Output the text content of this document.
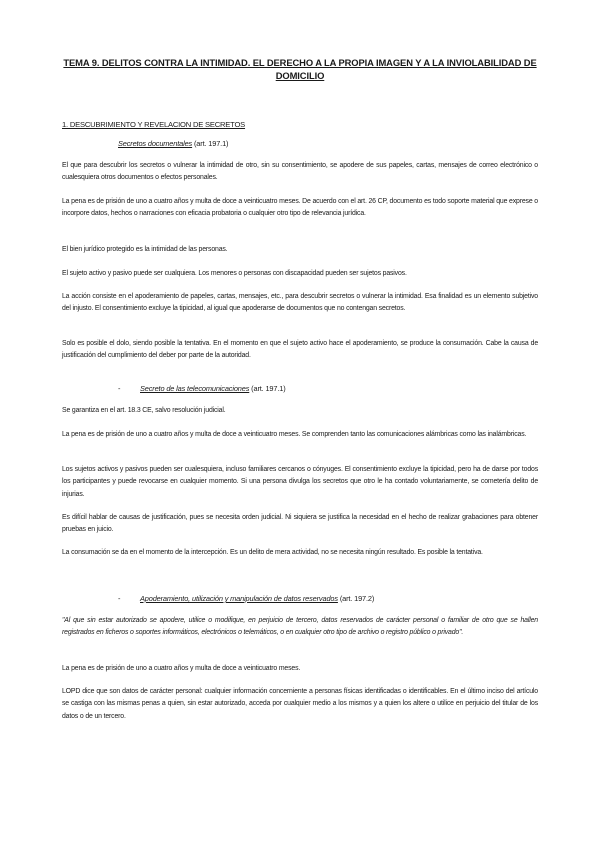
TEMA 9. DELITOS CONTRA LA INTIMIDAD. EL DERECHO A LA PROPIA IMAGEN Y A LA INVIOLABILIDAD DE DOMICILIO
1. DESCUBRIMIENTO Y REVELACION DE SECRETOS
Secretos documentales (art. 197.1)
El que para descubrir los secretos o vulnerar la intimidad de otro, sin su consentimiento, se apodere de sus papeles, cartas, mensajes de correo electrónico o cualesquiera otros documentos o efectos personales.
La pena es de prisión de uno a cuatro años y multa de doce a veinticuatro meses. De acuerdo con el art. 26 CP, documento es todo soporte material que exprese o incorpore datos, hechos o narraciones con eficacia probatoria o cualquier otro tipo de relevancia jurídica.
El bien jurídico protegido es la intimidad de las personas.
El sujeto activo y pasivo puede ser cualquiera. Los menores o personas con discapacidad pueden ser sujetos pasivos.
La acción consiste en el apoderamiento de papeles, cartas, mensajes, etc., para descubrir secretos o vulnerar la intimidad. Esa finalidad es un elemento subjetivo del injusto. El consentimiento excluye la tipicidad, al igual que apoderarse de documentos que no contengan secretos.
Solo es posible el dolo, siendo posible la tentativa. En el momento en que el sujeto activo hace el apoderamiento, se produce la consumación. Cabe la causa de justificación del cumplimiento del deber por parte de la autoridad.
-	Secreto de las telecomunicaciones (art. 197.1)
Se garantiza en el art. 18.3 CE, salvo resolución judicial.
La pena es de prisión de uno a cuatro años y multa de doce a veinticuatro meses. Se comprenden tanto las comunicaciones alámbricas como las inalámbricas.
Los sujetos activos y pasivos pueden ser cualesquiera, incluso familiares cercanos o cónyuges. El consentimiento excluye la tipicidad, pero ha de darse por todos los participantes y puede revocarse en cualquier momento. Si una persona divulga los secretos que otro le ha contado voluntariamente, se cometería delito de injurias.
Es difícil hablar de causas de justificación, pues se necesita orden judicial. Ni siquiera se justifica la necesidad en el hecho de realizar grabaciones para obtener pruebas en juicio.
La consumación se da en el momento de la intercepción. Es un delito de mera actividad, no se necesita ningún resultado. Es posible la tentativa.
-	Apoderamiento, utilización y manipulación de datos reservados (art. 197.2)
"Al que sin estar autorizado se apodere, utilice o modifique, en perjuicio de tercero, datos reservados de carácter personal o familiar de otro que se hallen registrados en ficheros o soportes informáticos, electrónicos o telemáticos, o en cualquier otro tipo de archivo o registro público o privado".
La pena es de prisión de uno a cuatro años y multa de doce a veinticuatro meses.
LOPD dice que son datos de carácter personal: cualquier información concerniente a personas físicas identificadas o identificables. En el último inciso del artículo se castiga con las mismas penas a quien, sin estar autorizado, acceda por cualquier medio a los mismos y a quien los altere o utilice en perjuicio del titular de los datos o de un tercero.
